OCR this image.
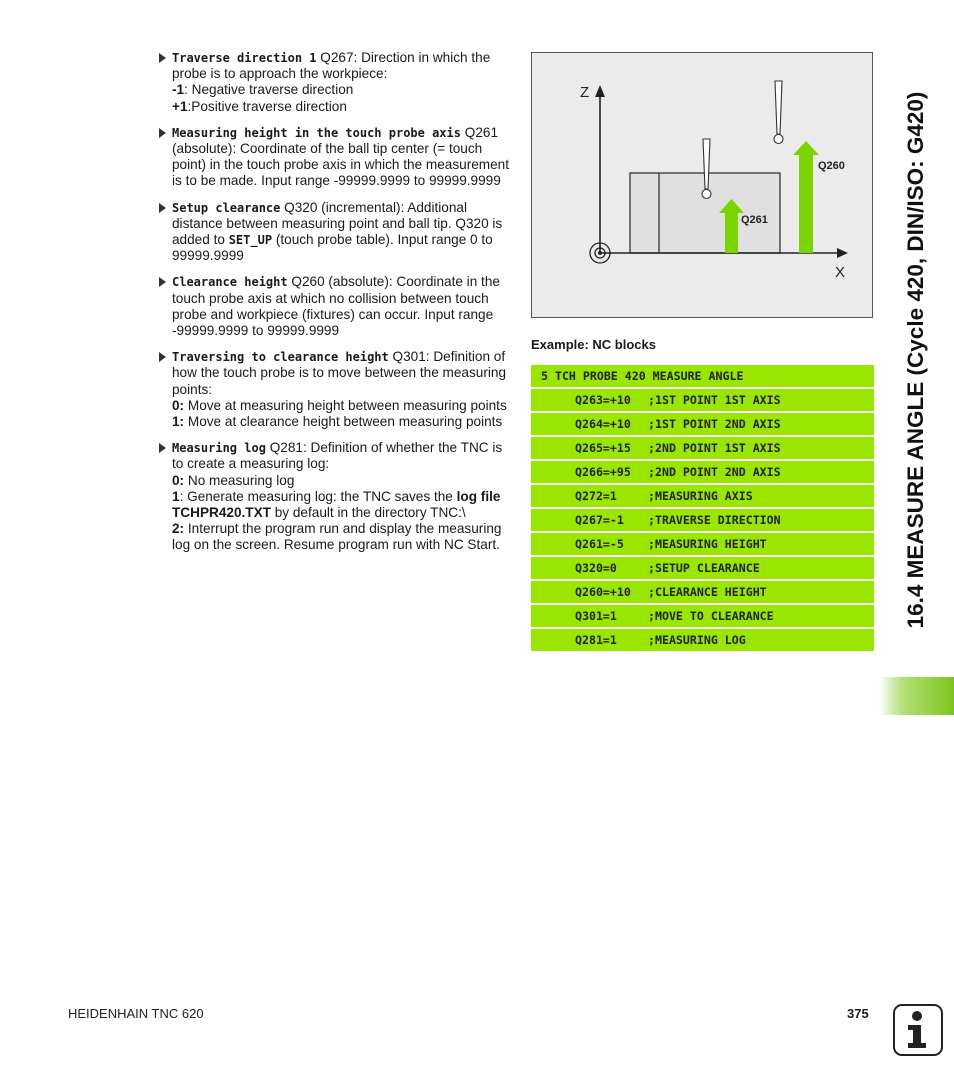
Traverse direction 1 Q267: Direction in which the probe is to approach the workpiece:
-1: Negative traverse direction
+1:Positive traverse direction
Measuring height in the touch probe axis Q261 (absolute): Coordinate of the ball tip center (= touch point) in the touch probe axis in which the measurement is to be made. Input range -99999.9999 to 99999.9999
Setup clearance Q320 (incremental): Additional distance between measuring point and ball tip. Q320 is added to SET_UP (touch probe table). Input range 0 to 99999.9999
Clearance height Q260 (absolute): Coordinate in the touch probe axis at which no collision between touch probe and workpiece (fixtures) can occur. Input range -99999.9999 to 99999.9999
Traversing to clearance height Q301: Definition of how the touch probe is to move between the measuring points:
0: Move at measuring height between measuring points
1: Move at clearance height between measuring points
Measuring log Q281: Definition of whether the TNC is to create a measuring log:
0: No measuring log
1: Generate measuring log: the TNC saves the log file TCHPR420.TXT by default in the directory TNC:\
2: Interrupt the program run and display the measuring log on the screen. Resume program run with NC Start.
Z
X
Q260
Q261
Example: NC blocks
5 TCH PROBE 420 MEASURE ANGLE
Q263=+10 ;1ST POINT 1ST AXIS
Q264=+10 ;1ST POINT 2ND AXIS
Q265=+15 ;2ND POINT 1ST AXIS
Q266=+95 ;2ND POINT 2ND AXIS
Q272=1	;MEASURING AXIS
Q267=-1 ;TRAVERSE DIRECTION
Q261=-5 ;MEASURING HEIGHT
Q320=0	;SETUP CLEARANCE
Q260=+10 ;CLEARANCE HEIGHT
Q301=1	;MOVE TO CLEARANCE
Q281=1	;MEASURING LOG
16.4 MEASURE ANGLE (Cycle 420, DIN/ISO: G420)
HEIDENHAIN TNC 620	375
